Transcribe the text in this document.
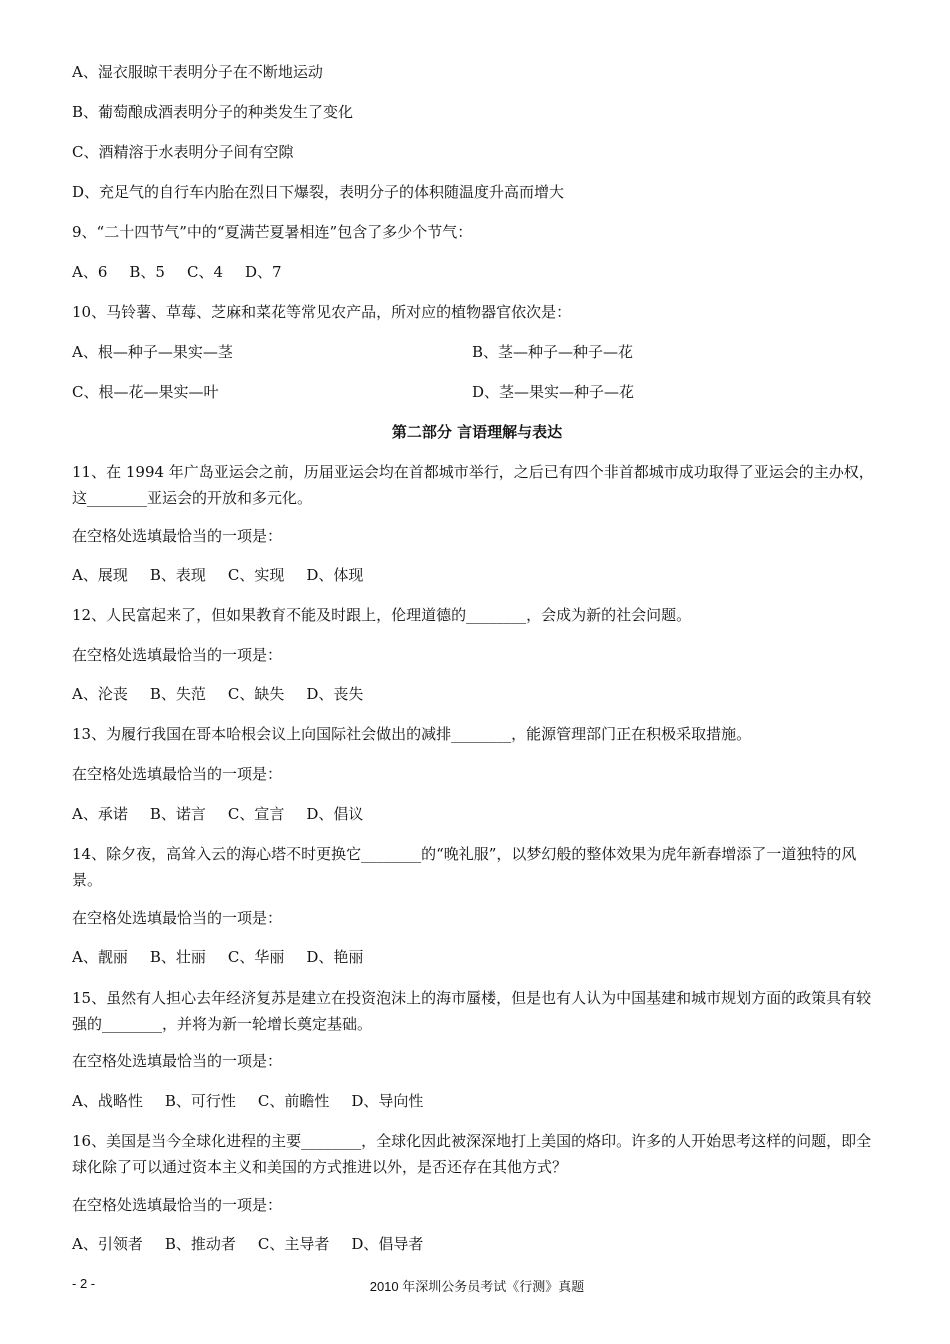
A、湿衣服晾干表明分子在不断地运动
B、葡萄酿成酒表明分子的种类发生了变化
C、酒精溶于水表明分子间有空隙
D、充足气的自行车内胎在烈日下爆裂，表明分子的体积随温度升高而增大
9、“二十四节气”中的“夏满芒夏暑相连”包含了多少个节气：
A、6 B、5 C、4 D、7
10、马铃薯、草莓、芝麻和菜花等常见农产品，所对应的植物器官依次是：
A、根—种子—果实—茎	B、茎—种子—种子—花
C、根—花—果实—叶	D、茎—果实—种子—花
第二部分 言语理解与表达
11、在 1994 年广岛亚运会之前，历届亚运会均在首都城市举行，之后已有四个非首都城市成功取得了亚运会的主办权，这________亚运会的开放和多元化。
在空格处选填最恰当的一项是：
A、展现 B、表现 C、实现 D、体现
12、人民富起来了，但如果教育不能及时跟上，伦理道德的________，会成为新的社会问题。
在空格处选填最恰当的一项是：
A、沦丧 B、失范 C、缺失 D、丧失
13、为履行我国在哥本哈根会议上向国际社会做出的减排________，能源管理部门正在积极采取措施。
在空格处选填最恰当的一项是：
A、承诺 B、诺言 C、宣言 D、倡议
14、除夕夜，高耸入云的海心塔不时更换它________的“晚礼服”，以梦幻般的整体效果为虎年新春增添了一道独特的风景。
在空格处选填最恰当的一项是：
A、靓丽 B、壮丽 C、华丽 D、艳丽
15、虽然有人担心去年经济复苏是建立在投资泡沫上的海市蜃楼，但是也有人认为中国基建和城市规划方面的政策具有较强的________，并将为新一轮增长奠定基础。
在空格处选填最恰当的一项是：
A、战略性 B、可行性 C、前瞻性 D、导向性
16、美国是当今全球化进程的主要________，全球化因此被深深地打上美国的烙印。许多的人开始思考这样的问题，即全球化除了可以通过资本主义和美国的方式推进以外，是否还存在其他方式？
在空格处选填最恰当的一项是：
A、引领者 B、推动者 C、主导者 D、倡导者
- 2 -	2010 年深圳公务员考试《行测》真题
